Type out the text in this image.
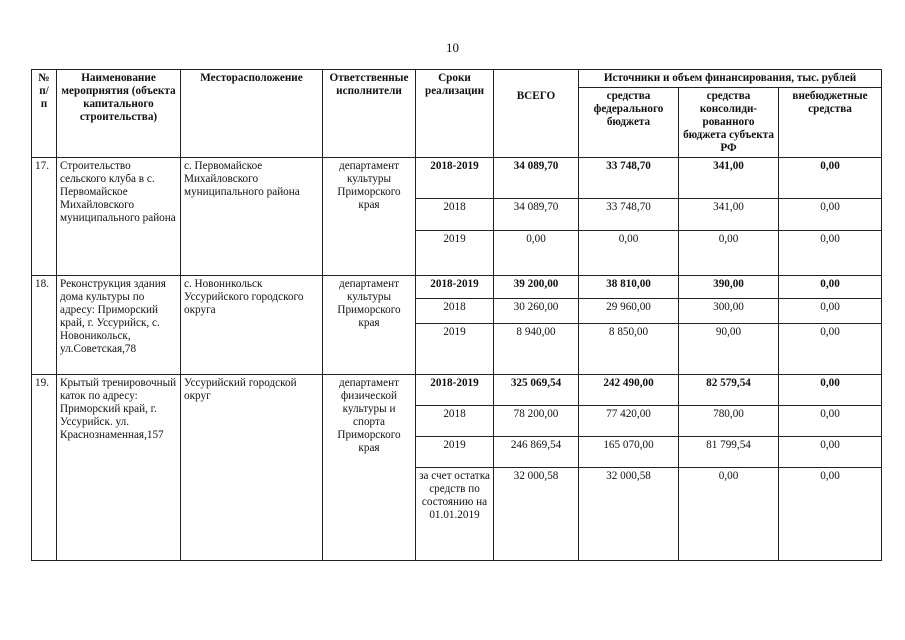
10
№ п/ п	Наименование мероприятия (объекта капитального строительства)	Месторасположение	Ответственные исполнители	Сроки реализации		Источники и объем финансирования, тыс. рублей		
					ВСЕГО	средства федерального бюджета	средства консолиди-рованного бюджета субъекта РФ	внебюджетные средства
17.	Строительство сельского клуба в с. Первомайское Михайловского муниципального района	с. Первомайское Михайловского муниципального района	департамент культуры Приморского края	2018-2019	34 089,70	33 748,70	341,00	0,00
				2018	34 089,70	33 748,70	341,00	0,00
				2019	0,00	0,00	0,00	0,00
18.	Реконструкция здания дома культуры по адресу: Приморский край, г. Уссурийск, с. Новоникольск, ул.Советская,78	с. Новоникольск Уссурийского городского округа	департамент культуры Приморского края	2018-2019	39 200,00	38 810,00	390,00	0,00
				2018	30 260,00	29 960,00	300,00	0,00
				2019	8 940,00	8 850,00	90,00	0,00
19.	Крытый тренировочный каток по адресу: Приморский край, г. Уссурийск. ул. Краснознаменная,157	Уссурийский городской округ	департамент физической культуры и спорта Приморского края	2018-2019	325 069,54	242 490,00	82 579,54	0,00
				2018	78 200,00	77 420,00	780,00	0,00
				2019	246 869,54	165 070,00	81 799,54	0,00
				за счет остатка средств по состоянию на 01.01.2019	32 000,58	32 000,58	0,00	0,00
